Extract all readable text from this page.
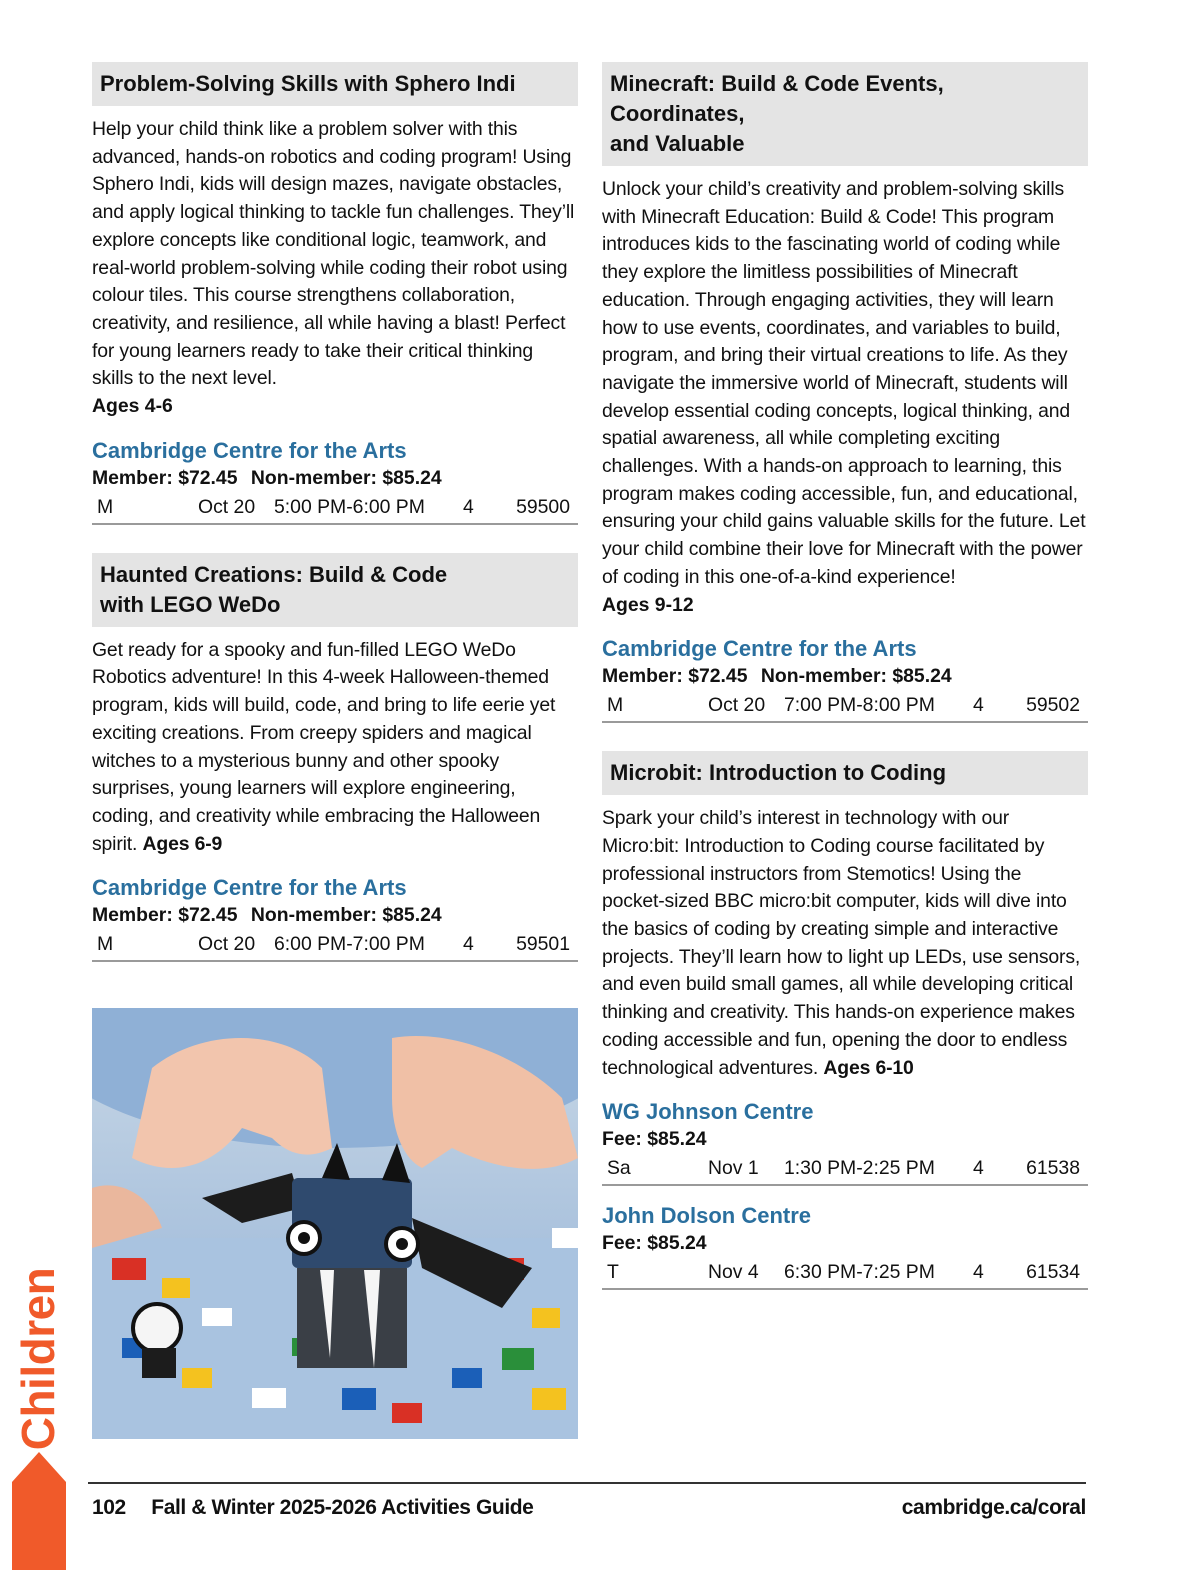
Problem-Solving Skills with Sphero Indi

Help your child think like a problem solver with this advanced, hands-on robotics and coding program! Using Sphero Indi, kids will design mazes, navigate obstacles, and apply logical thinking to tackle fun challenges. They’ll explore concepts like conditional logic, teamwork, and real-world problem-solving while coding their robot using colour tiles. This course strengthens collaboration, creativity, and resilience, all while having a blast! Perfect for young learners ready to take their critical thinking skills to the next level.

Ages 4-6
Cambridge Centre for the Arts
Member: $72.45 Non-member: $85.24
M	Oct 20 5:00 PM-6:00 PM 4 59500
Haunted Creations: Build & Code
with LEGO WeDo

Get ready for a spooky and fun-filled LEGO WeDo Robotics adventure! In this 4-week Halloween-themed program, kids will build, code, and bring to life eerie yet exciting creations. From creepy spiders and magical witches to a mysterious bunny and other spooky surprises, young learners will explore engineering, coding, and creativity while embracing the Halloween spirit. Ages 6-9

Cambridge Centre for the Arts
Member: $72.45 Non-member: $85.24
M	Oct 20 6:00 PM-7:00 PM 4 59501
Minecraft: Build & Code Events, Coordinates,
and Valuable

Unlock your child’s creativity and problem-solving skills with Minecraft Education: Build & Code! This program introduces kids to the fascinating world of coding while they explore the limitless possibilities of Minecraft education. Through engaging activities, they will learn how to use events, coordinates, and variables to build, program, and bring their virtual creations to life. As they navigate the immersive world of Minecraft, students will develop essential coding concepts, logical thinking, and spatial awareness, all while completing exciting challenges. With a hands-on approach to learning, this program makes coding accessible, fun, and educational, ensuring your child gains valuable skills for the future. Let your child combine their love for Minecraft with the power of coding in this one-of-a-kind experience!

Ages 9-12
Cambridge Centre for the Arts
Member: $72.45 Non-member: $85.24
M	Oct 20 7:00 PM-8:00 PM 4 59502
Microbit: Introduction to Coding

Spark your child’s interest in technology with our Micro:bit: Introduction to Coding course facilitated by professional instructors from Stemotics! Using the pocket-sized BBC micro:bit computer, kids will dive into the basics of coding by creating simple and interactive projects. They’ll learn how to light up LEDs, use sensors, and even build small games, all while developing critical thinking and creativity. This hands-on experience makes coding accessible and fun, opening the door to endless technological adventures. Ages 6-10

WG Johnson Centre
Fee: $85.24
Sa	Nov 1 1:30 PM-2:25 PM 4 61538
John Dolson Centre
Fee: $85.24
T	Nov 4 6:30 PM-7:25 PM 4 61534
Children
102 Fall & Winter 2025-2026 Activities Guide	cambridge.ca/coral
